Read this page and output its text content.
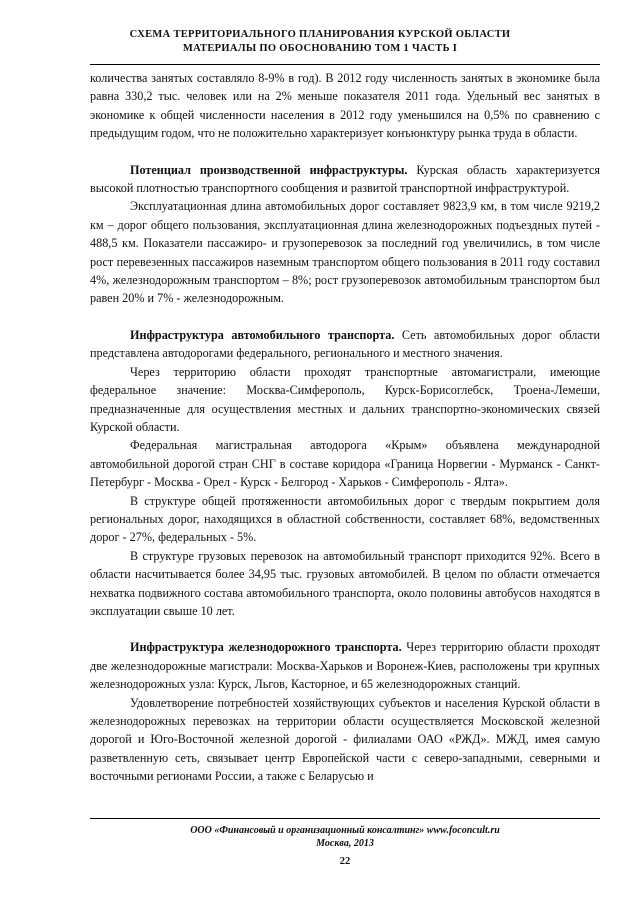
СХЕМА ТЕРРИТОРИАЛЬНОГО ПЛАНИРОВАНИЯ КУРСКОЙ ОБЛАСТИ
МАТЕРИАЛЫ ПО ОБОСНОВАНИЮ ТОМ 1 ЧАСТЬ I

количества занятых составляло 8-9% в год). В 2012 году численность занятых в экономике была равна 330,2 тыс. человек или на 2% меньше показателя 2011 года. Удельный вес занятых в экономике к общей численности населения в 2012 году уменьшился на 0,5% по сравнению с предыдущим годом, что не положительно характеризует конъюнктуру рынка труда в области.

Потенциал производственной инфраструктуры. Курская область характеризуется высокой плотностью транспортного сообщения и развитой транспортной инфраструктурой.

Эксплуатационная длина автомобильных дорог составляет 9823,9 км, в том числе 9219,2 км – дорог общего пользования, эксплуатационная длина железнодорожных подъездных путей - 488,5 км. Показатели пассажиро- и грузоперевозок за последний год увеличились, в том числе рост перевезенных пассажиров наземным транспортом общего пользования в 2011 году составил 4%, железнодорожным транспортом – 8%; рост грузоперевозок автомобильным транспортом был равен 20% и 7% - железнодорожным.

Инфраструктура автомобильного транспорта. Сеть автомобильных дорог области представлена автодорогами федерального, регионального и местного значения.

Через территорию области проходят транспортные автомагистрали, имеющие федеральное значение: Москва-Симферополь, Курск-Борисоглебск, Троена-Лемеши, предназначенные для осуществления местных и дальних транспортно-экономических связей Курской области.

Федеральная магистральная автодорога «Крым» объявлена международной автомобильной дорогой стран СНГ в составе коридора «Граница Норвегии - Мурманск - Санкт-Петербург - Москва - Орел - Курск - Белгород - Харьков - Симферополь - Ялта».

В структуре общей протяженности автомобильных дорог с твердым покрытием доля региональных дорог, находящихся в областной собственности, составляет 68%, ведомственных дорог - 27%, федеральных - 5%.

В структуре грузовых перевозок на автомобильный транспорт приходится 92%. Всего в области насчитывается более 34,95 тыс. грузовых автомобилей. В целом по области отмечается нехватка подвижного состава автомобильного транспорта, около половины автобусов находятся в эксплуатации свыше 10 лет.

Инфраструктура железнодорожного транспорта. Через территорию области проходят две железнодорожные магистрали: Москва-Харьков и Воронеж-Киев, расположены три крупных железнодорожных узла: Курск, Льгов, Касторное, и 65 железнодорожных станций.

Удовлетворение потребностей хозяйствующих субъектов и населения Курской области в железнодорожных перевозках на территории области осуществляется Московской железной дорогой и Юго-Восточной железной дорогой - филиалами ОАО «РЖД». МЖД, имея самую разветвленную сеть, связывает центр Европейской части с северо-западными, северными и восточными регионами России, а также с Беларусью и

ООО «Финансовый и организационный консалтинг» www.foconcult.ru
Москва, 2013
22
